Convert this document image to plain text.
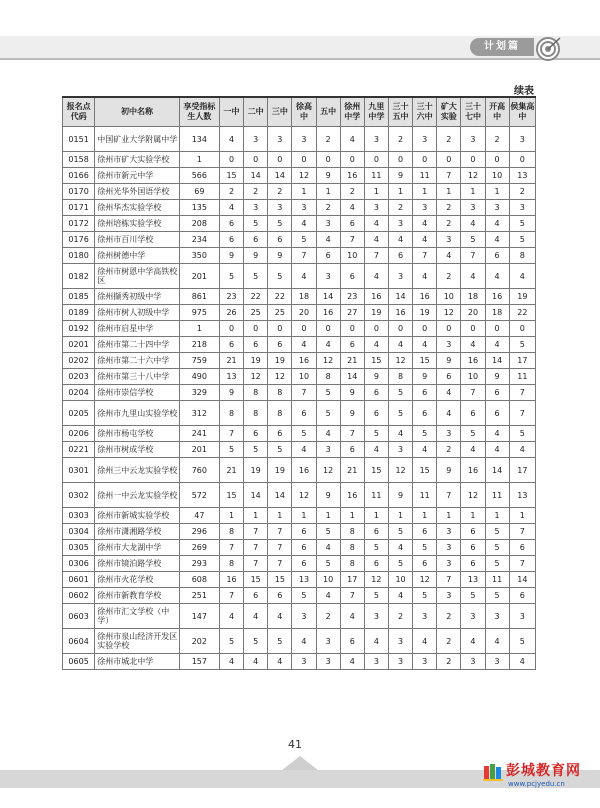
计划篇
续表
报名点代码	初中名称	享受指标生人数	一中	二中	三中	徐高中	五中	徐州中学	九里中学	三十五中	三十六中	矿大实验	三十七中	开高中	侯集高中
0151	中国矿业大学附属中学	134	4	3	3	3	2	4	3	2	3	2	3	2	3
0158	徐州市矿大实验学校	1	0	0	0	0	0	0	0	0	0	0	0	0	0
0166	徐州市新元中学	566	15	14	14	12	9	16	11	9	11	7	12	10	13
0170	徐州光华外国语学校	69	2	2	2	1	1	2	1	1	1	1	1	1	2
0171	徐州华杰实验学校	135	4	3	3	3	2	4	3	2	3	2	3	3	3
0172	徐州培栋实验学校	208	6	5	5	4	3	6	4	3	4	2	4	4	5
0176	徐州市百川学校	234	6	6	6	5	4	7	4	4	4	3	5	4	5
0180	徐州树德中学	350	9	9	9	7	6	10	7	6	7	4	7	6	8
0182	徐州市树恩中学高铁校区	201	5	5	5	4	3	6	4	3	4	2	4	4	4
0185	徐州撷秀初级中学	861	23	22	22	18	14	23	16	14	16	10	18	16	19
0189	徐州市树人初级中学	975	26	25	25	20	16	27	19	16	19	12	20	18	22
0192	徐州市启星中学	1	0	0	0	0	0	0	0	0	0	0	0	0	0
0201	徐州市第二十四中学	218	6	6	6	4	4	6	4	4	4	3	4	4	5
0202	徐州市第二十六中学	759	21	19	19	16	12	21	15	12	15	9	16	14	17
0203	徐州市第三十八中学	490	13	12	12	10	8	14	9	8	9	6	10	9	11
0204	徐州市崇信学校	329	9	8	8	7	5	9	6	5	6	4	7	6	7
0205	徐州市九里山实验学校	312	8	8	8	6	5	9	6	5	6	4	6	6	7
0206	徐州市杨屯学校	241	7	6	6	5	4	7	5	4	5	3	5	4	5
0221	徐州市树成学校	201	5	5	5	4	3	6	4	3	4	2	4	4	4
0301	徐州三中云龙实验学校	760	21	19	19	16	12	21	15	12	15	9	16	14	17
0302	徐州一中云龙实验学校	572	15	14	14	12	9	16	11	9	11	7	12	11	13
0303	徐州市新城实验学校	47	1	1	1	1	1	1	1	1	1	1	1	1	1
0304	徐州市潇湘路学校	296	8	7	7	6	5	8	6	5	6	3	6	5	7
0305	徐州市大龙湖中学	269	7	7	7	6	4	8	5	4	5	3	6	5	6
0306	徐州市镜泊路学校	293	8	7	7	6	5	8	6	5	6	3	6	5	7
0601	徐州市火花学校	608	16	15	15	13	10	17	12	10	12	7	13	11	14
0602	徐州市新教育学校	251	7	6	6	5	4	7	5	4	5	3	5	5	6
0603	徐州市汇文学校（中学）	147	4	4	4	3	2	4	3	2	3	2	3	3	3
0604	徐州市泉山经济开发区实验学校	202	5	5	5	4	3	6	4	3	4	2	4	4	5
0605	徐州市城北中学	157	4	4	4	3	3	4	3	3	3	2	3	3	4
41
彭城教育网
www.pcjyedu.cn
